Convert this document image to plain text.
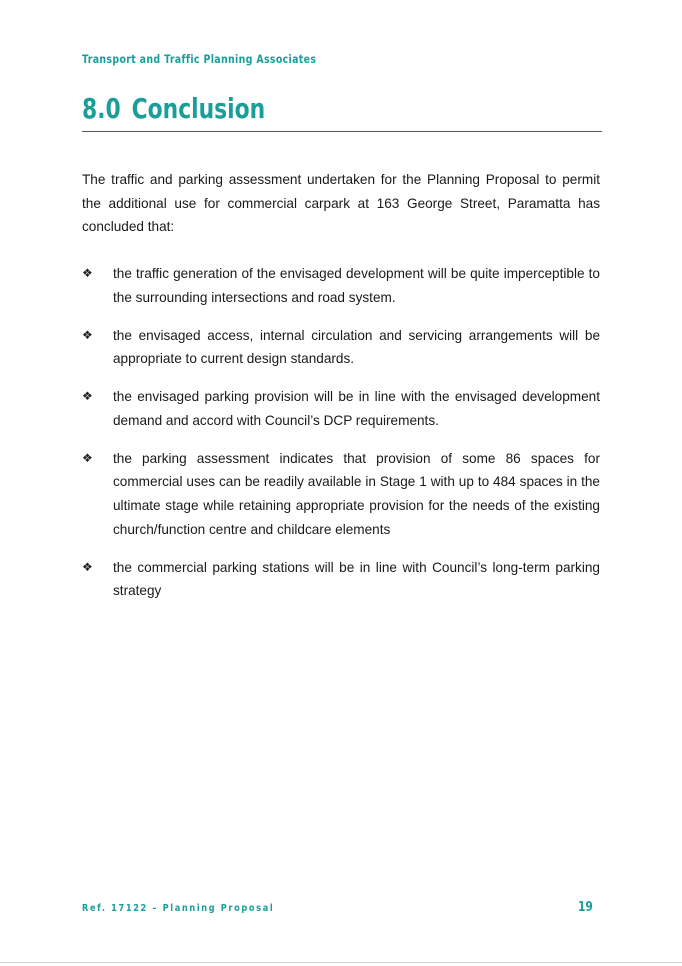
Transport and Traffic Planning Associates
8.0 Conclusion

The traffic and parking assessment undertaken for the Planning Proposal to permit the additional use for commercial carpark at 163 George Street, Paramatta has concluded that:

❖ the traffic generation of the envisaged development will be quite imperceptible to the surrounding intersections and road system.
❖ the envisaged access, internal circulation and servicing arrangements will be appropriate to current design standards.
❖ the envisaged parking provision will be in line with the envisaged development demand and accord with Council’s DCP requirements.
❖ the parking assessment indicates that provision of some 86 spaces for commercial uses can be readily available in Stage 1 with up to 484 spaces in the ultimate stage while retaining appropriate provision for the needs of the existing church/function centre and childcare elements
❖ the commercial parking stations will be in line with Council’s long-term parking strategy
Ref. 17122 – Planning Proposal	19
